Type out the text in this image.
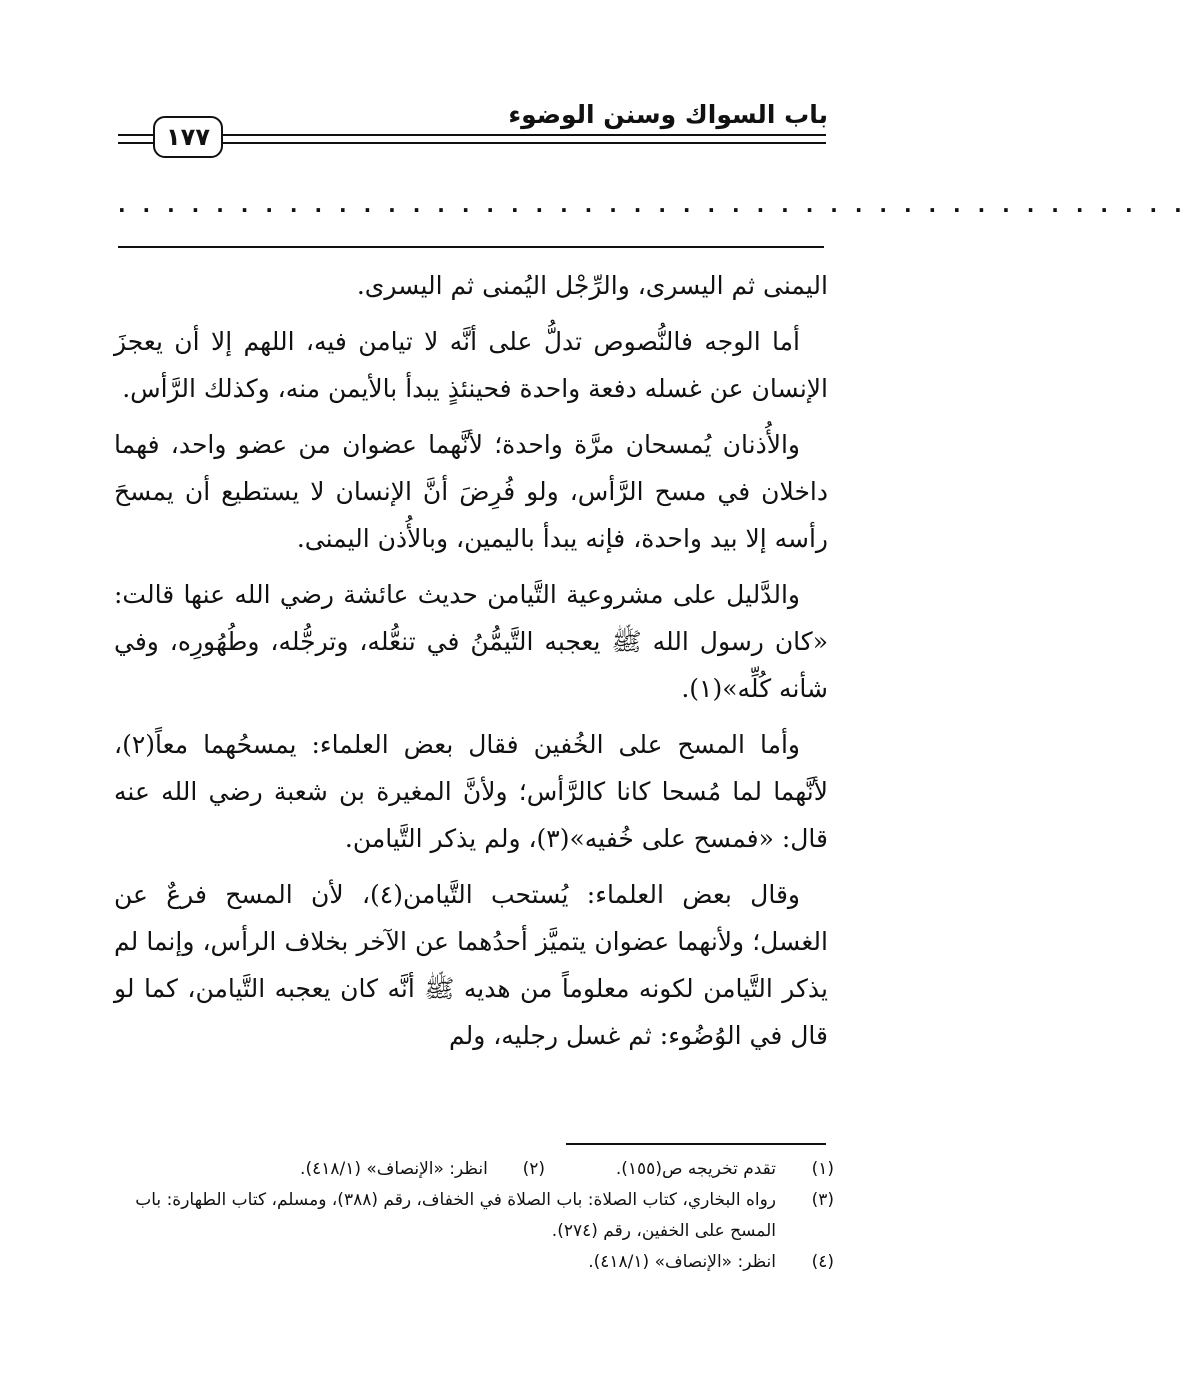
باب السواك وسنن الوضوء
١٧٧
. . . . . . . . . . . . . . . . . . . . . . . . . . . . . . . . . . . . . . . . . . . .

اليمنى ثم اليسرى، والرِّجْل اليُمنى ثم اليسرى.

أما الوجه فالنُّصوص تدلُّ على أنَّه لا تيامن فيه، اللهم إلا أن يعجزَ الإنسان عن غسله دفعة واحدة فحينئذٍ يبدأ بالأيمن منه، وكذلك الرَّأس.

والأُذنان يُمسحان مرَّة واحدة؛ لأنَّهما عضوان من عضو واحد، فهما داخلان في مسح الرَّأس، ولو فُرِضَ أنَّ الإنسان لا يستطيع أن يمسحَ رأسه إلا بيد واحدة، فإنه يبدأ باليمين، وبالأُذن اليمنى.

والدَّليل على مشروعية التَّيامن حديث عائشة رضي الله عنها قالت: «كان رسول الله ﷺ يعجبه التَّيمُّنُ في تنعُّله، وترجُّله، وطُهُورِه، وفي شأنه كُلِّه»(١).

وأما المسح على الخُفين فقال بعض العلماء: يمسحُهما معاً(٢)، لأنَّهما لما مُسحا كانا كالرَّأس؛ ولأنَّ المغيرة بن شعبة رضي الله عنه قال: «فمسح على خُفيه»(٣)، ولم يذكر التَّيامن.

وقال بعض العلماء: يُستحب التَّيامن(٤)، لأن المسح فرعٌ عن الغسل؛ ولأنهما عضوان يتميَّز أحدُهما عن الآخر بخلاف الرأس، وإنما لم يذكر التَّيامن لكونه معلوماً من هديه ﷺ أنَّه كان يعجبه التَّيامن، كما لو قال في الوُضُوء: ثم غسل رجليه، ولم

(١)
تقدم تخريجه ص(١٥٥).  (٢)  انظر: «الإنصاف» (٤١٨/١).
(٣)
رواه البخاري، كتاب الصلاة: باب الصلاة في الخفاف، رقم (٣٨٨)، ومسلم، كتاب الطهارة: باب المسح على الخفين، رقم (٢٧٤).
(٤)
انظر: «الإنصاف» (٤١٨/١).
